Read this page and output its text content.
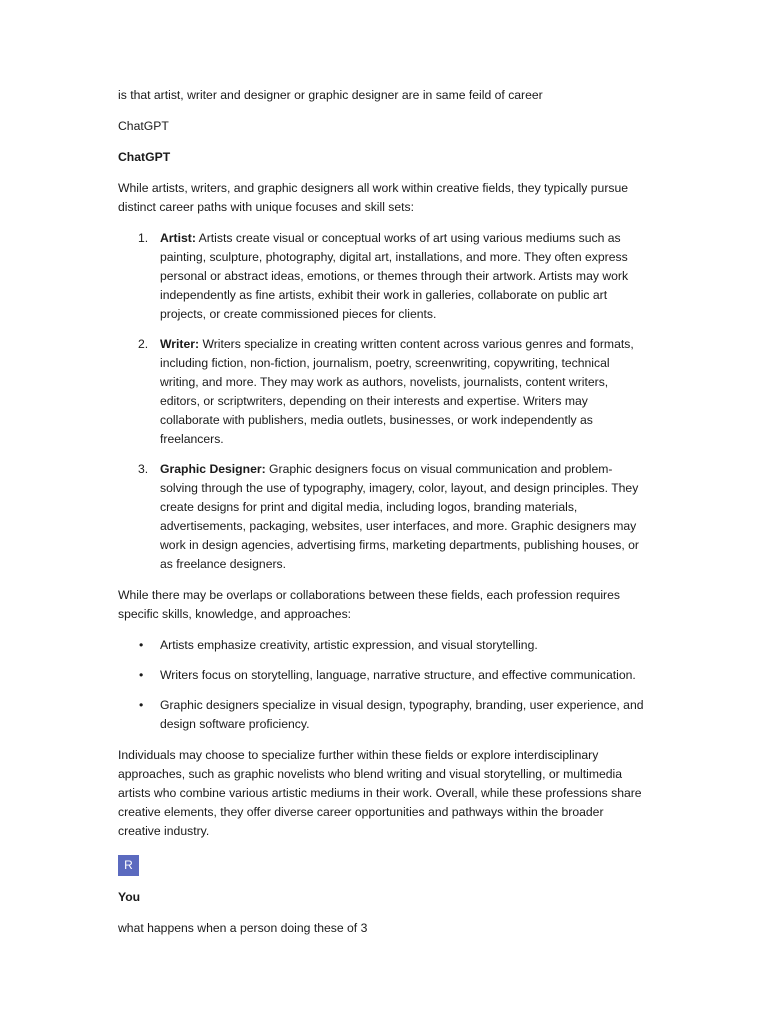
is that artist, writer and designer or graphic designer are in same feild of career

ChatGPT

ChatGPT

While artists, writers, and graphic designers all work within creative fields, they typically pursue distinct career paths with unique focuses and skill sets:

1. Artist: Artists create visual or conceptual works of art using various mediums such as painting, sculpture, photography, digital art, installations, and more. They often express personal or abstract ideas, emotions, or themes through their artwork. Artists may work independently as fine artists, exhibit their work in galleries, collaborate on public art projects, or create commissioned pieces for clients.
2. Writer: Writers specialize in creating written content across various genres and formats, including fiction, non-fiction, journalism, poetry, screenwriting, copywriting, technical writing, and more. They may work as authors, novelists, journalists, content writers, editors, or scriptwriters, depending on their interests and expertise. Writers may collaborate with publishers, media outlets, businesses, or work independently as freelancers.
3. Graphic Designer: Graphic designers focus on visual communication and problem-solving through the use of typography, imagery, color, layout, and design principles. They create designs for print and digital media, including logos, branding materials, advertisements, packaging, websites, user interfaces, and more. Graphic designers may work in design agencies, advertising firms, marketing departments, publishing houses, or as freelance designers.

While there may be overlaps or collaborations between these fields, each profession requires specific skills, knowledge, and approaches:

• Artists emphasize creativity, artistic expression, and visual storytelling.
• Writers focus on storytelling, language, narrative structure, and effective communication.
• Graphic designers specialize in visual design, typography, branding, user experience, and design software proficiency.

Individuals may choose to specialize further within these fields or explore interdisciplinary approaches, such as graphic novelists who blend writing and visual storytelling, or multimedia artists who combine various artistic mediums in their work. Overall, while these professions share creative elements, they offer diverse career opportunities and pathways within the broader creative industry.

R

You

what happens when a person doing these of 3
